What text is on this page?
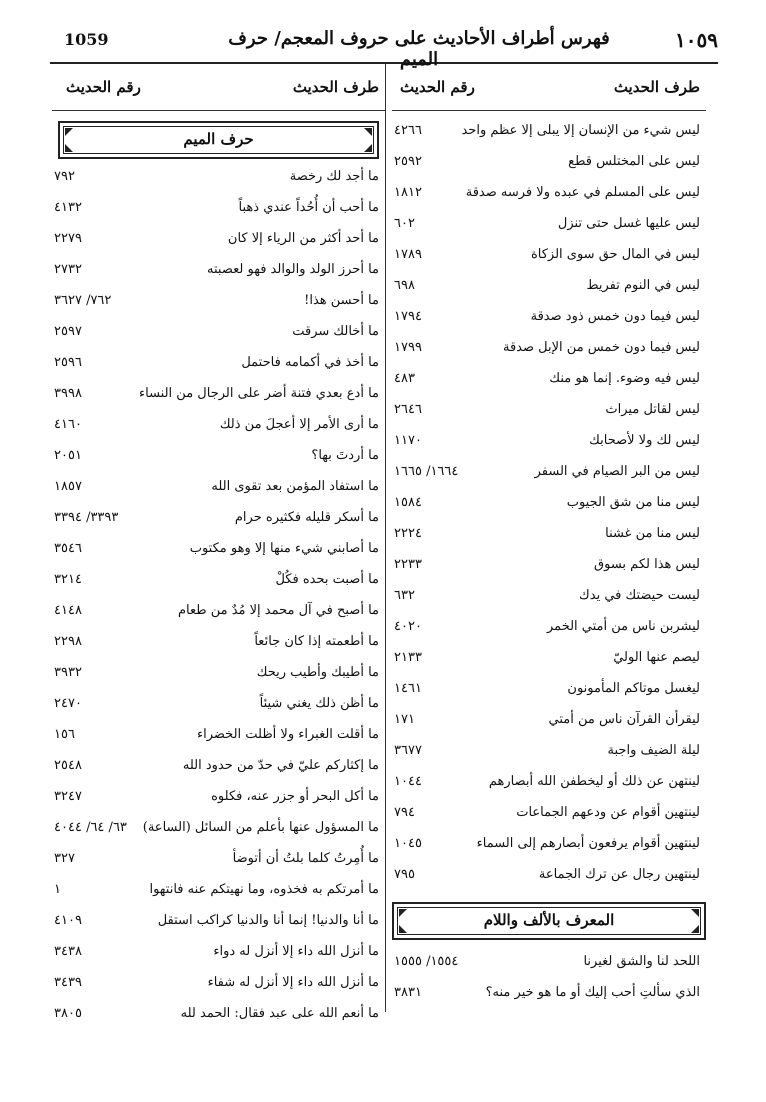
1059	فهرس أطراف الأحاديث على حروف المعجم/ حرف الميم
١٠٥٩
طرف الحديث
رقم الحديث
ليس شيء من الإنسان إلا يبلى إلا عظم واحد
٤٢٦٦
ليس على المختلس قطع
٢٥٩٢
ليس على المسلم في عبده ولا فرسه صدقة
١٨١٢
ليس عليها غسل حتى تنزل
٦٠٢
ليس في المال حق سوى الزكاة
١٧٨٩
ليس في النوم تفريط
٦٩٨
ليس فيما دون خمس ذود صدقة
١٧٩٤
ليس فيما دون خمس من الإبل صدقة
١٧٩٩
ليس فيه وضوء. إنما هو منك
٤٨٣
ليس لقاتل ميراث
٢٦٤٦
ليس لك ولا لأصحابك
١١٧٠
ليس من البر الصيام في السفر
١٦٦٤/ ١٦٦٥
ليس منا من شق الجيوب
١٥٨٤
ليس منا من غشنا
٢٢٢٤
ليس هذا لكم بسوق
٢٢٣٣
ليست حيضتك في يدك
٦٣٢
ليشربن ناس من أمتي الخمر
٤٠٢٠
ليصم عنها الوليّ
٢١٣٣
ليغسل موتاكم المأمونون
١٤٦١
ليقرأن القرآن ناس من أمتي
١٧١
ليلة الضيف واجبة
٣٦٧٧
لينتهن عن ذلك أو ليخطفن الله أبصارهم
١٠٤٤
لينتهين أقوام عن ودعهم الجماعات
٧٩٤
لينتهين أقوام يرفعون أبصارهم إلى السماء
١٠٤٥
لينتهين رجال عن ترك الجماعة
٧٩٥
المعرف بالألف واللام
اللحد لنا والشق لغيرنا
١٥٥٤/ ١٥٥٥
الذي سألتِ أحب إليك أو ما هو خير منه؟
٣٨٣١
طرف الحديث
رقم الحديث
حرف الميم
ما أجد لك رخصة
٧٩٢
ما أحب أن أُحُداً عندي ذهباً
٤١٣٢
ما أحد أكثر من الرياء إلا كان
٢٢٧٩
ما أحرز الولد والوالد فهو لعصبته
٢٧٣٢
ما أحسن هذا!
٧٦٢/ ٣٦٢٧
ما أخالك سرقت
٢٥٩٧
ما أخذ في أكمامه فاحتمل
٢٥٩٦
ما أدع بعدي فتنة أضر على الرجال من النساء
٣٩٩٨
ما أرى الأمر إلا أعجلَ من ذلك
٤١٦٠
ما أردتَ بها؟
٢٠٥١
ما استفاد المؤمن بعد تقوى الله
١٨٥٧
ما أسكر قليله فكثيره حرام
٣٣٩٣/ ٣٣٩٤
ما أصابني شيء منها إلا وهو مكتوب
٣٥٤٦
ما أصبت بحده فكُلْ
٣٢١٤
ما أصبح في آل محمد إلا مُدٌ من طعام
٤١٤٨
ما أطعمته إذا كان جائعاً
٢٢٩٨
ما أطيبك وأطيب ريحك
٣٩٣٢
ما أظن ذلك يغني شيئاً
٢٤٧٠
ما أقلت الغبراء ولا أظلت الخضراء
١٥٦
ما إكثاركم عليّ في حدّ من حدود الله
٢٥٤٨
ما أكل البحر أو جزر عنه، فكلوه
٣٢٤٧
ما المسؤول عنها بأعلم من السائل (الساعة)
٦٣/ ٦٤/ ٤٠٤٤
ما أُمِرتُ كلما بلتُ أن أتوضأ
٣٢٧
ما أمرتكم به فخذوه، وما نهيتكم عنه فانتهوا
١
ما أنا والدنيا! إنما أنا والدنيا كراكب استقل
٤١٠٩
ما أنزل الله داء إلا أنزل له دواء
٣٤٣٨
ما أنزل الله داء إلا أنزل له شفاء
٣٤٣٩
ما أنعم الله على عبد فقال: الحمد لله
٣٨٠٥
